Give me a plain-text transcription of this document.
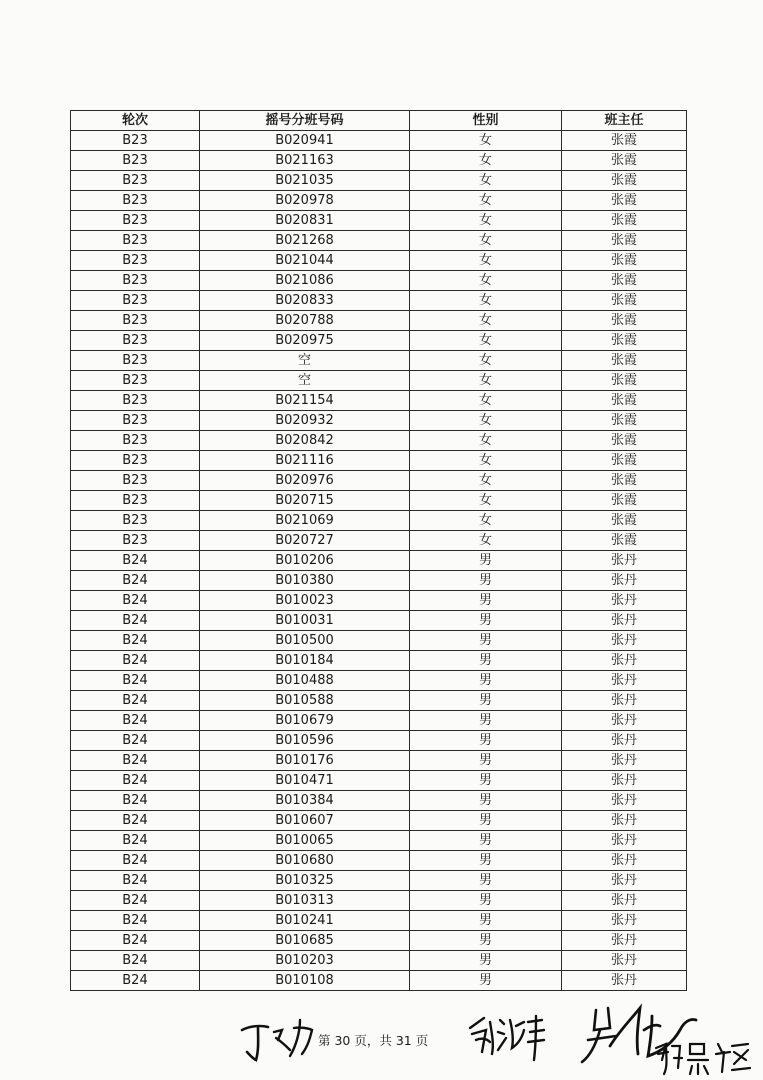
轮次	摇号分班号码	性别	班主任
B23	B020941	女	张霞
B23	B021163	女	张霞
B23	B021035	女	张霞
B23	B020978	女	张霞
B23	B020831	女	张霞
B23	B021268	女	张霞
B23	B021044	女	张霞
B23	B021086	女	张霞
B23	B020833	女	张霞
B23	B020788	女	张霞
B23	B020975	女	张霞
B23	空	女	张霞
B23	空	女	张霞
B23	B021154	女	张霞
B23	B020932	女	张霞
B23	B020842	女	张霞
B23	B021116	女	张霞
B23	B020976	女	张霞
B23	B020715	女	张霞
B23	B021069	女	张霞
B23	B020727	女	张霞
B24	B010206	男	张丹
B24	B010380	男	张丹
B24	B010023	男	张丹
B24	B010031	男	张丹
B24	B010500	男	张丹
B24	B010184	男	张丹
B24	B010488	男	张丹
B24	B010588	男	张丹
B24	B010679	男	张丹
B24	B010596	男	张丹
B24	B010176	男	张丹
B24	B010471	男	张丹
B24	B010384	男	张丹
B24	B010607	男	张丹
B24	B010065	男	张丹
B24	B010680	男	张丹
B24	B010325	男	张丹
B24	B010313	男	张丹
B24	B010241	男	张丹
B24	B010685	男	张丹
B24	B010203	男	张丹
B24	B010108	男	张丹
第 30 页，共 31 页
